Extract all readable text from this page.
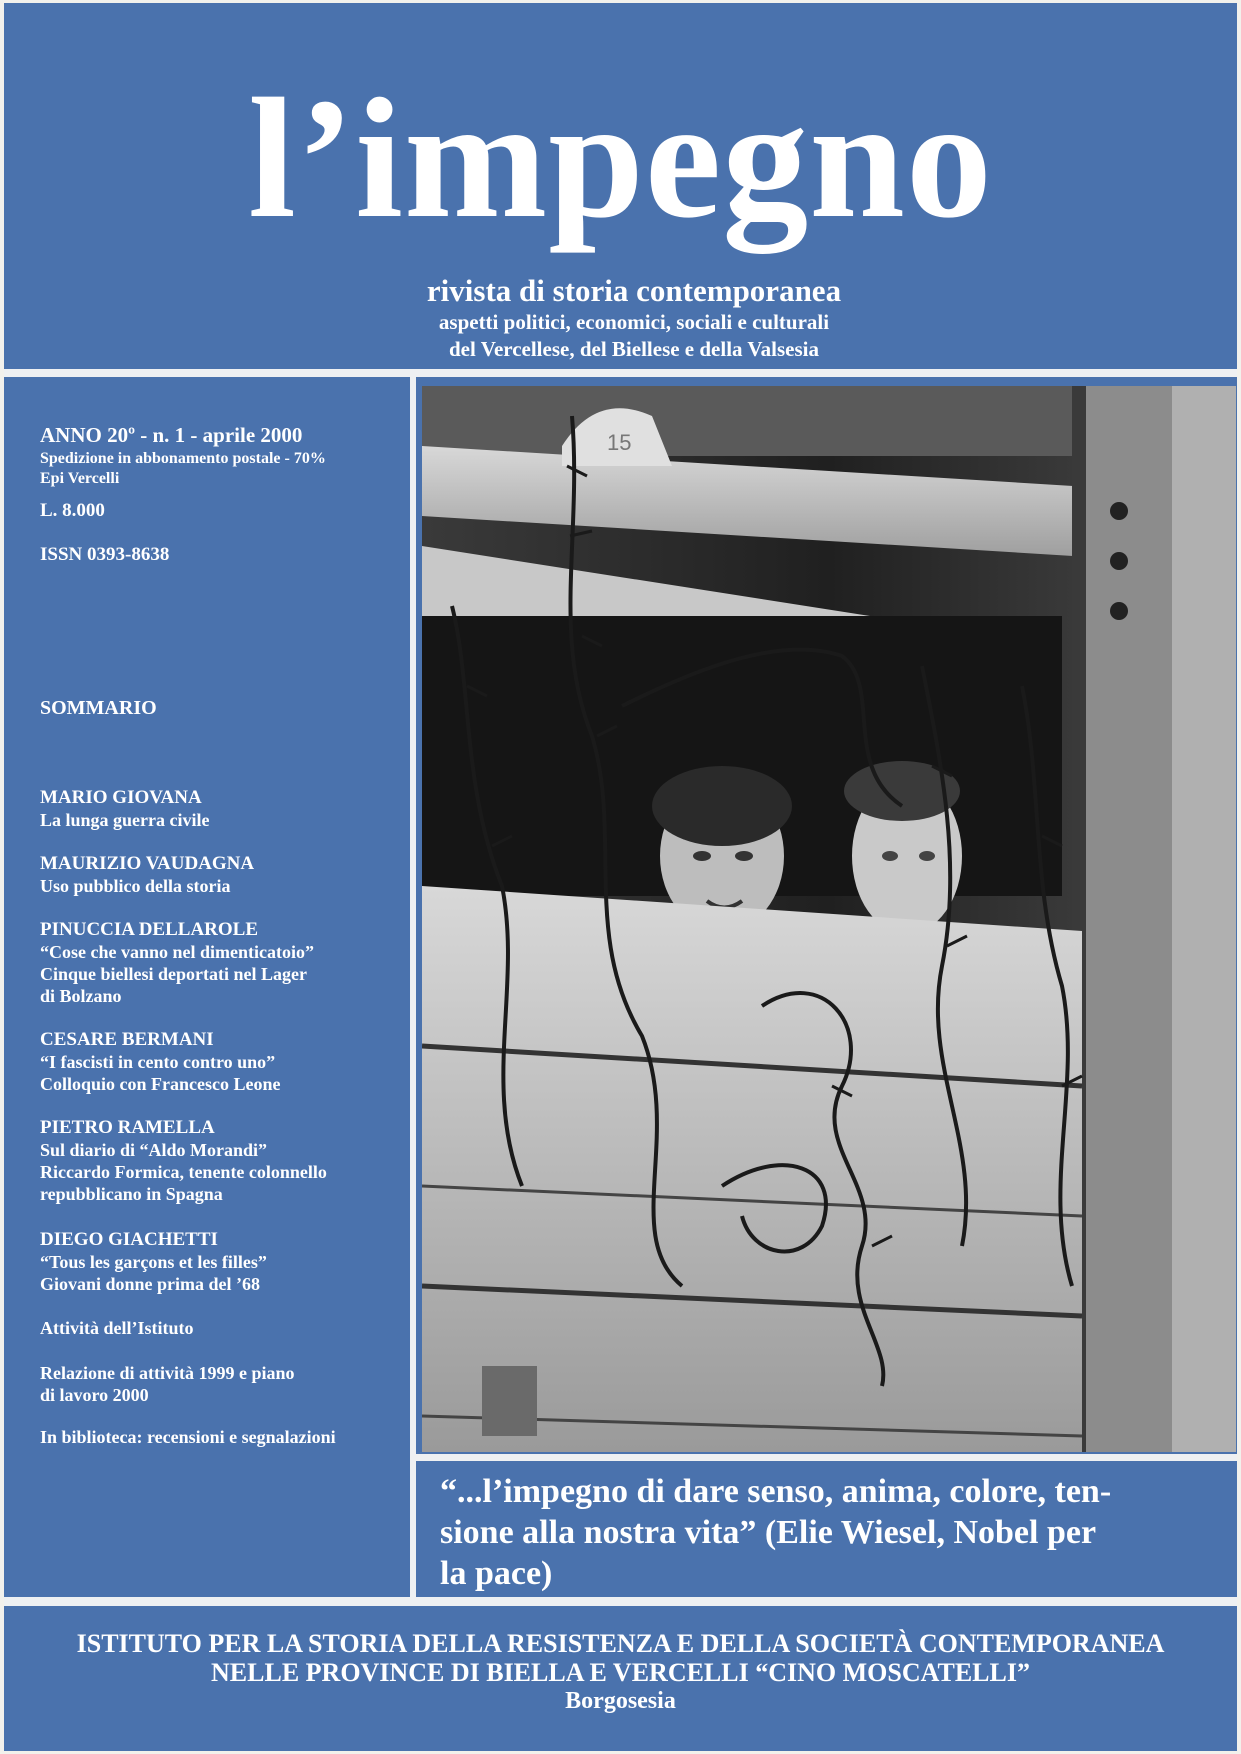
l’impegno
rivista di storia contemporanea
aspetti politici, economici, sociali e culturali
del Vercellese, del Biellese e della Valsesia
ANNO 20º - n. 1 - aprile 2000
Spedizione in abbonamento postale - 70%
Epi Vercelli
L. 8.000
ISSN 0393-8638
SOMMARIO
MARIO GIOVANA
La lunga guerra civile
MAURIZIO VAUDAGNA
Uso pubblico della storia
PINUCCIA DELLAROLE
“Cose che vanno nel dimenticatoio”
Cinque biellesi deportati nel Lager
di Bolzano
CESARE BERMANI
“I fascisti in cento contro uno”
Colloquio con Francesco Leone
PIETRO RAMELLA
Sul diario di “Aldo Morandi”
Riccardo Formica, tenente colonnello
repubblicano in Spagna
DIEGO GIACHETTI
“Tous les garçons et les filles”
Giovani donne prima del ’68
Attività dell’Istituto
Relazione di attività 1999 e piano
di lavoro 2000
In biblioteca: recensioni e segnalazioni
15
“...l’impegno di dare senso, anima, colore, ten-
sione alla nostra vita” (Elie Wiesel, Nobel per
la pace)
ISTITUTO PER LA STORIA DELLA RESISTENZA E DELLA SOCIETÀ CONTEMPORANEA
NELLE PROVINCE DI BIELLA E VERCELLI “CINO MOSCATELLI”
Borgosesia
